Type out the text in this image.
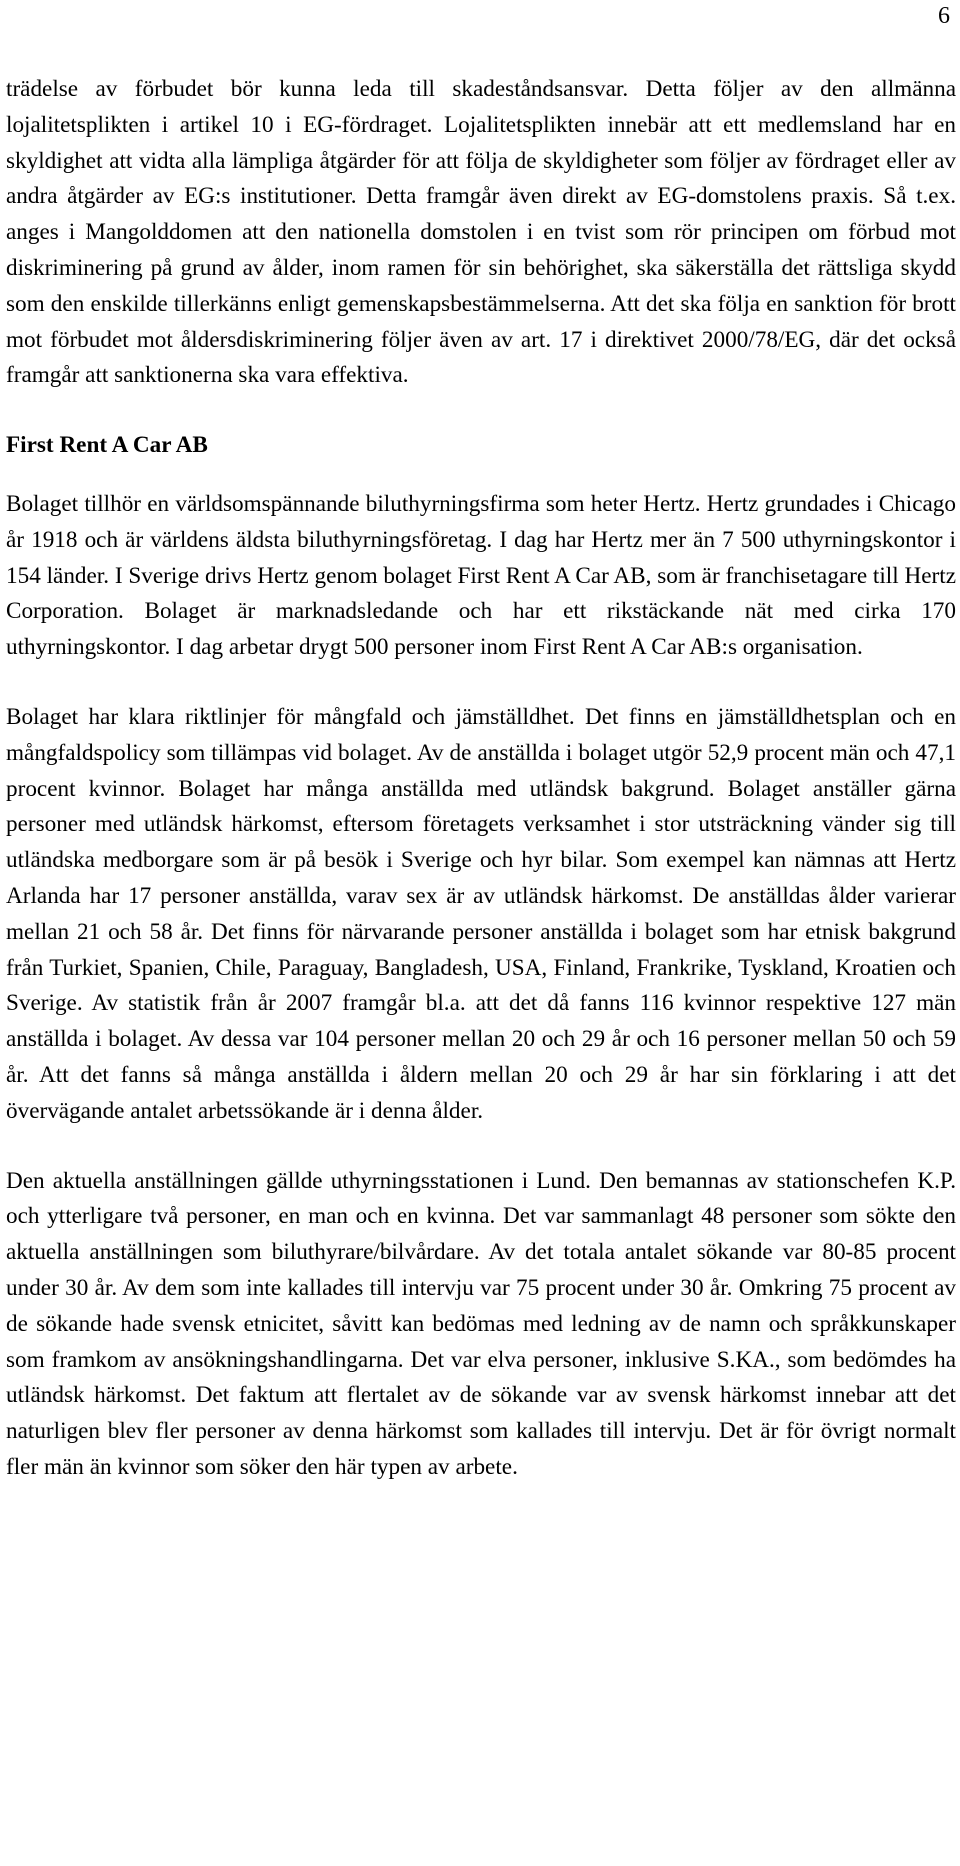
6

trädelse av förbudet bör kunna leda till skadeståndsansvar. Detta följer av den allmänna lojalitetsplikten i artikel 10 i EG-fördraget. Lojalitetsplikten innebär att ett medlemsland har en skyldighet att vidta alla lämpliga åtgärder för att följa de skyldigheter som följer av fördraget eller av andra åtgärder av EG:s institutioner. Detta framgår även direkt av EG-domstolens praxis. Så t.ex. anges i Mangolddomen att den nationella domstolen i en tvist som rör principen om förbud mot diskriminering på grund av ålder, inom ramen för sin behörighet, ska säkerställa det rättsliga skydd som den enskilde tillerkänns enligt gemenskapsbestämmelserna. Att det ska följa en sanktion för brott mot förbudet mot åldersdiskriminering följer även av art. 17 i direktivet 2000/78/EG, där det också framgår att sanktionerna ska vara effektiva.

First Rent A Car AB

Bolaget tillhör en världsomspännande biluthyrningsfirma som heter Hertz. Hertz grundades i Chicago år 1918 och är världens äldsta biluthyrningsföretag. I dag har Hertz mer än 7 500 uthyrningskontor i 154 länder. I Sverige drivs Hertz genom bolaget First Rent A Car AB, som är franchisetagare till Hertz Corporation. Bolaget är marknadsledande och har ett rikstäckande nät med cirka 170 uthyrningskontor. I dag arbetar drygt 500 personer inom First Rent A Car AB:s organisation.

Bolaget har klara riktlinjer för mångfald och jämställdhet. Det finns en jämställdhetsplan och en mångfaldspolicy som tillämpas vid bolaget. Av de anställda i bolaget utgör 52,9 procent män och 47,1 procent kvinnor. Bolaget har många anställda med utländsk bakgrund. Bolaget anställer gärna personer med utländsk härkomst, eftersom företagets verksamhet i stor utsträckning vänder sig till utländska medborgare som är på besök i Sverige och hyr bilar. Som exempel kan nämnas att Hertz Arlanda har 17 personer anställda, varav sex är av utländsk härkomst. De anställdas ålder varierar mellan 21 och 58 år. Det finns för närvarande personer anställda i bolaget som har etnisk bakgrund från Turkiet, Spanien, Chile, Paraguay, Bangladesh, USA, Finland, Frankrike, Tyskland, Kroatien och Sverige. Av statistik från år 2007 framgår bl.a. att det då fanns 116 kvinnor respektive 127 män anställda i bolaget. Av dessa var 104 personer mellan 20 och 29 år och 16 personer mellan 50 och 59 år. Att det fanns så många anställda i åldern mellan 20 och 29 år har sin förklaring i att det övervägande antalet arbetssökande är i denna ålder.

Den aktuella anställningen gällde uthyrningsstationen i Lund. Den bemannas av stationschefen K.P. och ytterligare två personer, en man och en kvinna. Det var sammanlagt 48 personer som sökte den aktuella anställningen som biluthyrare/bilvårdare. Av det totala antalet sökande var 80-85 procent under 30 år. Av dem som inte kallades till intervju var 75 procent under 30 år. Omkring 75 procent av de sökande hade svensk etnicitet, såvitt kan bedömas med ledning av de namn och språkkunskaper som framkom av ansökningshandlingarna. Det var elva personer, inklusive S.KA., som bedömdes ha utländsk härkomst. Det faktum att flertalet av de sökande var av svensk härkomst innebar att det naturligen blev fler personer av denna härkomst som kallades till intervju. Det är för övrigt normalt fler män än kvinnor som söker den här typen av arbete.
